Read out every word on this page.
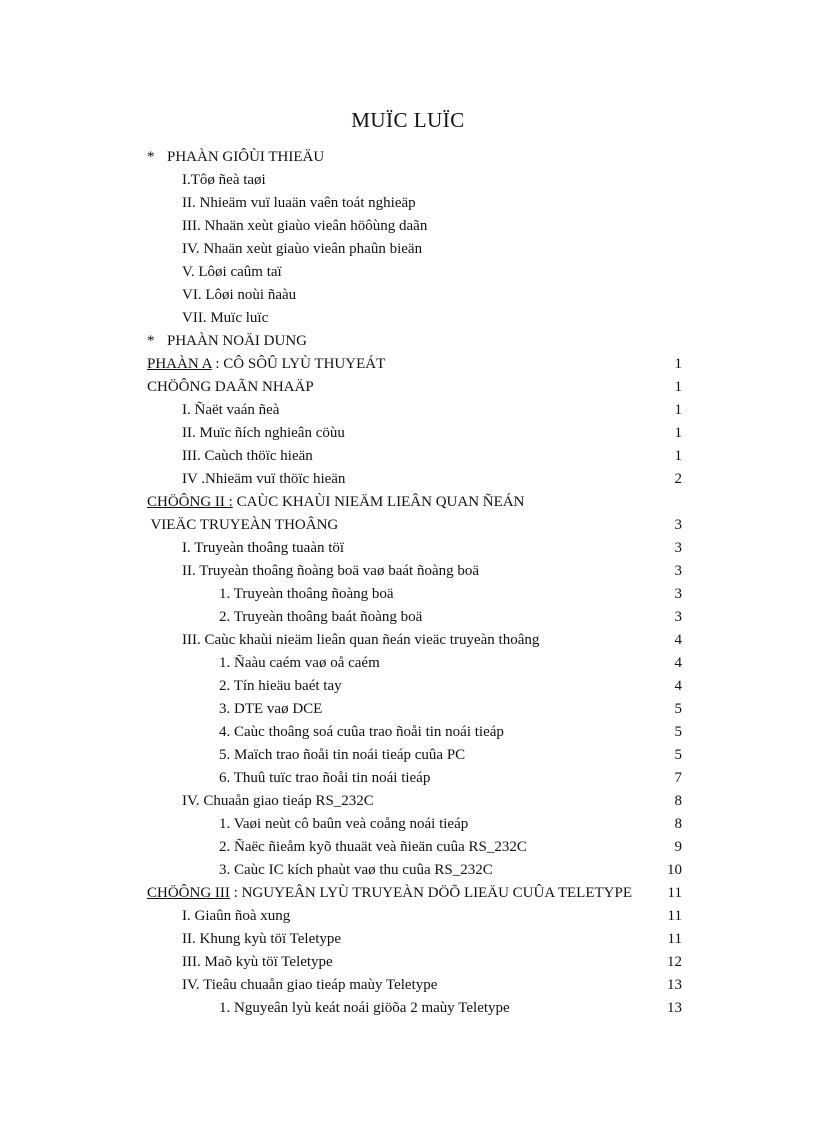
MUÏC LUÏC
* PHAÀN GIÔÙI THIEÄU
I.Tôø ñeà taøi
II. Nhieäm vuï luaän vaên toát nghieäp
III. Nhaän xeùt giaùo vieân höôùng daãn
IV. Nhaän xeùt giaùo vieân phaûn bieän
V. Lôøi caûm taï
VI. Lôøi noùi ñaàu
VII. Muïc luïc
* PHAÀN NOÄI DUNG
PHAÀN A : CÔ SÔÛ LYÙ THUYEÁT	1
CHÖÔNG DAÃN NHAÄP	1
I. Ñaët vaán ñeà	1
II. Muïc ñích nghieân cöùu	1
III. Caùch thöïc hieän	1
IV .Nhieäm vuï thöïc hieän	2
CHÖÔNG II : CAÙC KHAÙI NIEÄM LIEÂN QUAN ÑEÁN
VIEÄC TRUYEÀN THOÂNG	3
I. Truyeàn thoâng tuaàn töï	3
II. Truyeàn thoâng ñoàng boä vaø baát ñoàng boä	3
1. Truyeàn thoâng ñoàng boä	3
2. Truyeàn thoâng baát ñoàng boä	3
III. Caùc khaùi nieäm lieân quan ñeán vieäc truyeàn thoâng	4
1. Ñaàu caém vaø oå caém	4
2. Tín hieäu baét tay	4
3. DTE vaø DCE	5
4. Caùc thoâng soá cuûa trao ñoåi tin noái tieáp	5
5. Maïch trao ñoåi tin noái tieáp cuûa PC	5
6. Thuû tuïc trao ñoåi tin noái tieáp	7
IV. Chuaån giao tieáp RS_232C	8
1. Vaøi neùt cô baûn veà coång noái tieáp	8
2. Ñaëc ñieåm kyõ thuaät veà ñieän cuûa RS_232C	9
3. Caùc IC kích phaùt vaø thu cuûa RS_232C	10
CHÖÔNG III : NGUYEÂN LYÙ TRUYEÀN DÖÕ LIEÄU CUÛA TELETYPE 11
I. Giaûn ñoà xung	11
II. Khung kyù töï Teletype	11
III. Maõ kyù töï Teletype	12
IV. Tieâu chuaån giao tieáp maùy Teletype	13
1. Nguyeân lyù keát noái giöõa 2 maùy Teletype	13
